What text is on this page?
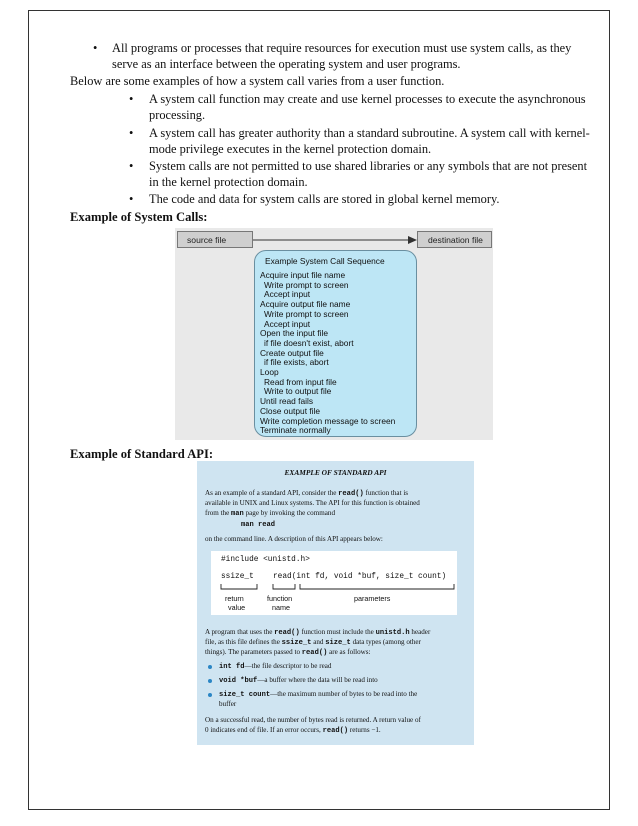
• All programs or processes that require resources for execution must use system calls, as they
serve as an interface between the operating system and user programs.
Below are some examples of how a system call varies from a user function.
• A system call function may create and use kernel processes to execute the asynchronous
processing.
• A system call has greater authority than a standard subroutine. A system call with kernel-
mode privilege executes in the kernel protection domain.
• System calls are not permitted to use shared libraries or any symbols that are not present
in the kernel protection domain.
• The code and data for system calls are stored in global kernel memory.
Example of System Calls:
source file	destination file
Example System Call Sequence
Acquire input file name
Write prompt to screen
Accept input
Acquire output file name
Write prompt to screen
Accept input
Open the input file
if file doesn't exist, abort
Create output file
if file exists, abort
Loop
Read from input file
Write to output file
Until read fails
Close output file
Write completion message to screen
Terminate normally
Example of Standard API:
EXAMPLE OF STANDARD API
As an example of a standard API, consider the read() function that is
available in UNIX and Linux systems. The API for this function is obtained
from the man page by invoking the command
man read
on the command line. A description of this API appears below:
#include <unistd.h>
ssize_t read(int fd, void *buf, size_t count)
return
value
function
name
parameters
A program that uses the read() function must include the unistd.h header
file, as this file defines the ssize_t and size_t data types (among other
things). The parameters passed to read() are as follows:
int fd—the file descriptor to be read
void *buf—a buffer where the data will be read into
size_t count—the maximum number of bytes to be read into the
buffer
On a successful read, the number of bytes read is returned. A return value of
0 indicates end of file. If an error occurs, read() returns −1.
